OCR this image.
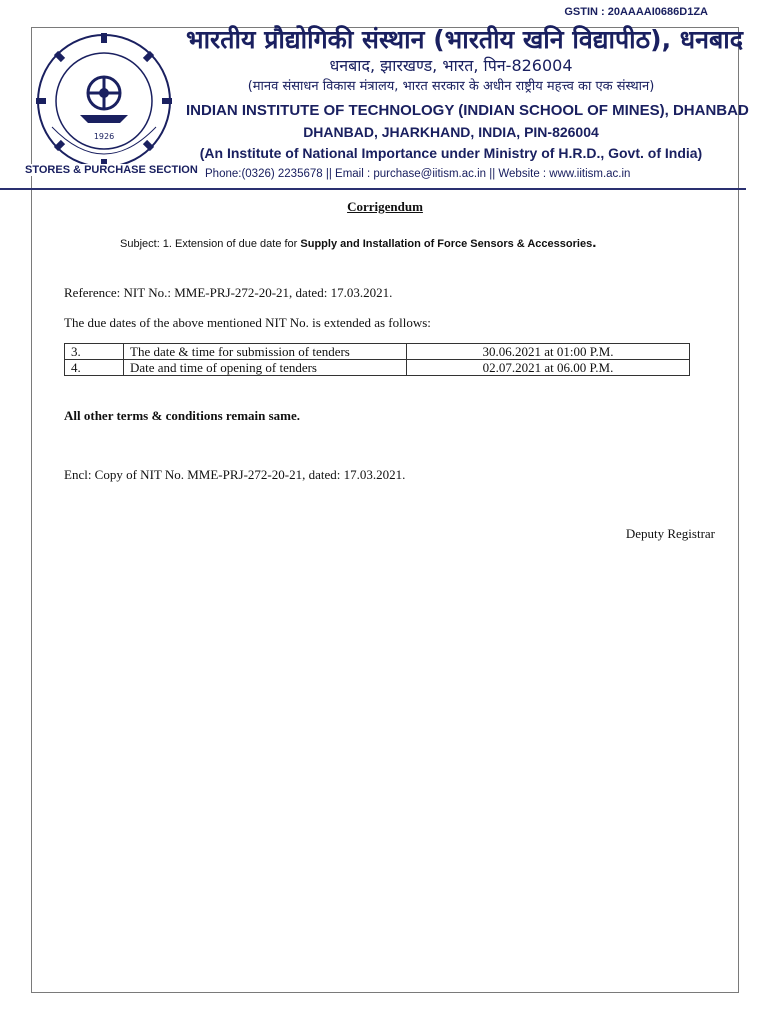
GSTIN : 20AAAAI0686D1ZA
1926
भारतीय प्रौद्योगिकी संस्थान (भारतीय खनि विद्यापीठ), धनबाद
धनबाद, झारखण्ड, भारत, पिन-826004
(मानव संसाधन विकास मंत्रालय, भारत सरकार के अधीन राष्ट्रीय महत्त्व का एक संस्थान)
INDIAN INSTITUTE OF TECHNOLOGY (INDIAN SCHOOL OF MINES), DHANBAD
DHANBAD, JHARKHAND, INDIA, PIN-826004
(An Institute of National Importance under Ministry of H.R.D., Govt. of India)
STORES & PURCHASE SECTION Phone:(0326) 2235678 || Email : purchase@iitism.ac.in || Website : www.iitism.ac.in
Corrigendum
Subject: 1. Extension of due date for Supply and Installation of Force Sensors & Accessories.
Reference: NIT No.: MME-PRJ-272-20-21, dated: 17.03.2021.
The due dates of the above mentioned NIT No. is extended as follows:
3.	The date & time for submission of tenders	30.06.2021 at 01:00 P.M.
4.	Date and time of opening of tenders	02.07.2021 at 06.00 P.M.
All other terms & conditions remain same.
Encl: Copy of NIT No. MME-PRJ-272-20-21, dated: 17.03.2021.
Deputy Registrar
